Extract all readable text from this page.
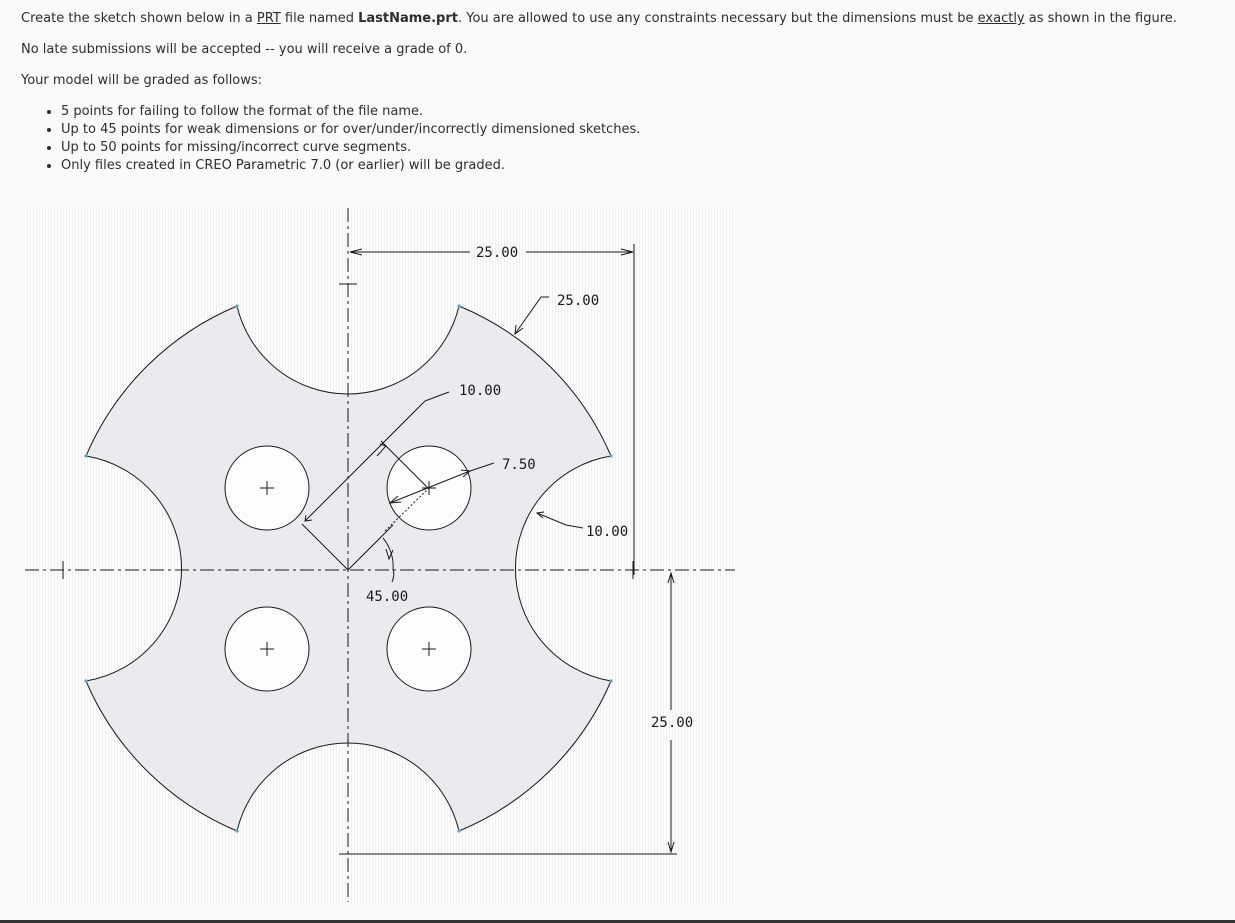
Create the sketch shown below in a PRT file named LastName.prt. You are allowed to use any constraints necessary but the dimensions must be exactly as shown in the figure.

No late submissions will be accepted -- you will receive a grade of 0.

Your model will be graded as follows:

• 5 points for failing to follow the format of the file name.
• Up to 45 points for weak dimensions or for over/under/incorrectly dimensioned sketches.
• Up to 50 points for missing/incorrect curve segments.
• Only files created in CREO Parametric 7.0 (or earlier) will be graded.
25.00
25.00
10.00
7.50
10.00
45.00
25.00
